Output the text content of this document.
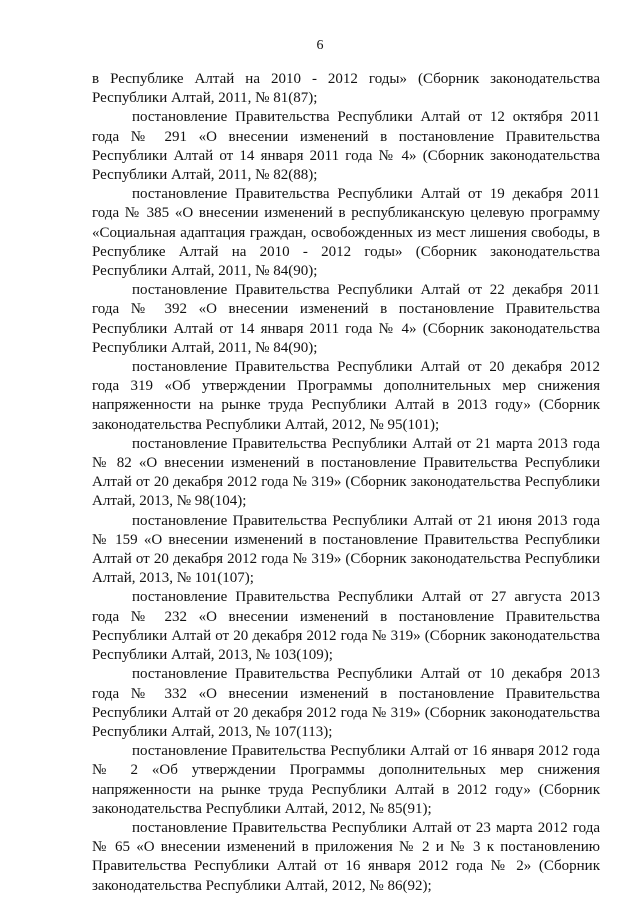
6

в Республике Алтай на 2010 - 2012 годы» (Сборник законодательства Республики Алтай, 2011, № 81(87);

постановление Правительства Республики Алтай от 12 октября 2011 года № 291 «О внесении изменений в постановление Правительства Республики Алтай от 14 января 2011 года № 4» (Сборник законодательства Республики Алтай, 2011, № 82(88);

постановление Правительства Республики Алтай от 19 декабря 2011 года № 385 «О внесении изменений в республиканскую целевую программу «Социальная адаптация граждан, освобожденных из мест лишения свободы, в Республике Алтай на 2010 - 2012 годы» (Сборник законодательства Республики Алтай, 2011, № 84(90);

постановление Правительства Республики Алтай от 22 декабря 2011 года № 392 «О внесении изменений в постановление Правительства Республики Алтай от 14 января 2011 года № 4» (Сборник законодательства Республики Алтай, 2011, № 84(90);

постановление Правительства Республики Алтай от 20 декабря 2012 года 319 «Об утверждении Программы дополнительных мер снижения напряженности на рынке труда Республики Алтай в 2013 году» (Сборник законодательства Республики Алтай, 2012, № 95(101);

постановление Правительства Республики Алтай от 21 марта 2013 года № 82 «О внесении изменений в постановление Правительства Республики Алтай от 20 декабря 2012 года № 319» (Сборник законодательства Республики Алтай, 2013, № 98(104);

постановление Правительства Республики Алтай от 21 июня 2013 года № 159 «О внесении изменений в постановление Правительства Республики Алтай от 20 декабря 2012 года № 319» (Сборник законодательства Республики Алтай, 2013, № 101(107);

постановление Правительства Республики Алтай от 27 августа 2013 года № 232 «О внесении изменений в постановление Правительства Республики Алтай от 20 декабря 2012 года № 319» (Сборник законодательства Республики Алтай, 2013, № 103(109);

постановление Правительства Республики Алтай от 10 декабря 2013 года № 332 «О внесении изменений в постановление Правительства Республики Алтай от 20 декабря 2012 года № 319» (Сборник законодательства Республики Алтай, 2013, № 107(113);

постановление Правительства Республики Алтай от 16 января 2012 года № 2 «Об утверждении Программы дополнительных мер снижения напряженности на рынке труда Республики Алтай в 2012 году» (Сборник законодательства Республики Алтай, 2012, № 85(91);

постановление Правительства Республики Алтай от 23 марта 2012 года № 65 «О внесении изменений в приложения № 2 и № 3 к постановлению Правительства Республики Алтай от 16 января 2012 года № 2» (Сборник законодательства Республики Алтай, 2012, № 86(92);
